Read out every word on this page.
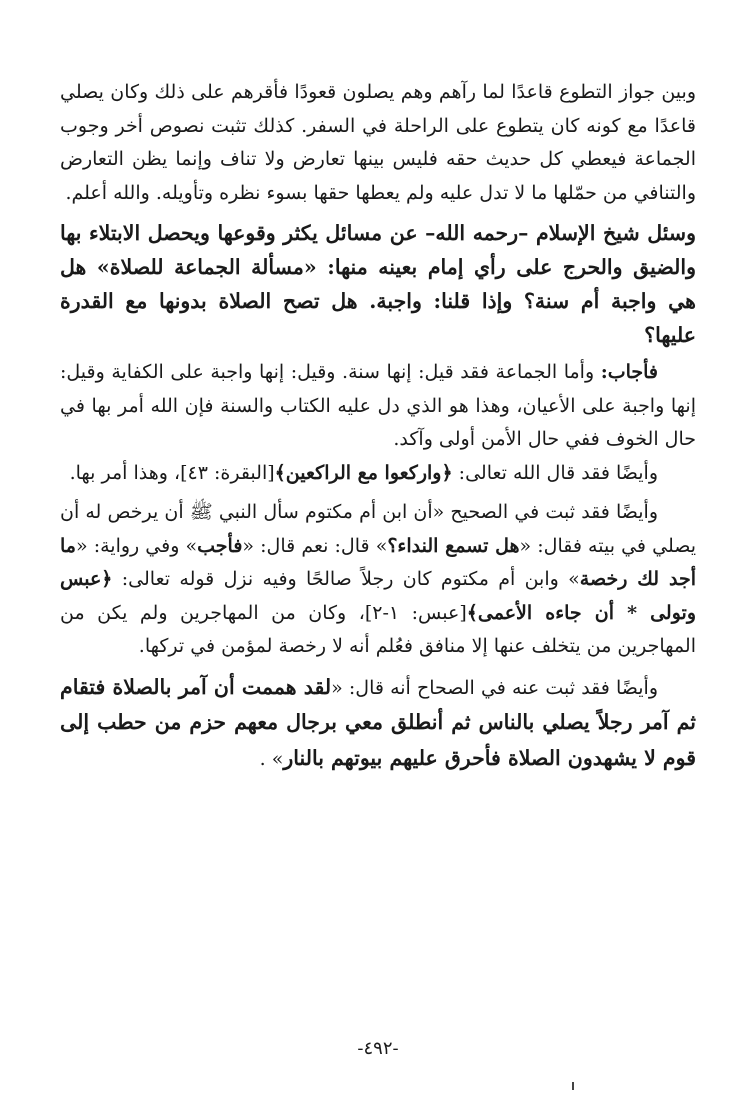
وبين جواز التطوع قاعدًا لما رآهم وهم يصلون قعودًا فأقرهم على ذلك وكان يصلي قاعدًا مع كونه كان يتطوع على الراحلة في السفر. كذلك تثبت نصوص أخر وجوب الجماعة فيعطي كل حديث حقه فليس بينها تعارض ولا تناف وإنما يظن التعارض والتنافي من حمّلها ما لا تدل عليه ولم يعطها حقها بسوء نظره وتأويله. والله أعلم.

وسئل شيخ الإسلام –رحمه الله– عن مسائل يكثر وقوعها ويحصل الابتلاء بها والضيق والحرج على رأي إمام بعينه منها: «مسألة الجماعة للصلاة» هل هي واجبة أم سنة؟ وإذا قلنا: واجبة. هل تصح الصلاة بدونها مع القدرة عليها؟

فأجاب: وأما الجماعة فقد قيل: إنها سنة. وقيل: إنها واجبة على الكفاية وقيل: إنها واجبة على الأعيان، وهذا هو الذي دل عليه الكتاب والسنة فإن الله أمر بها في حال الخوف ففي حال الأمن أولى وآكد.

وأيضًا فقد قال الله تعالى: ﴿واركعوا مع الراكعين﴾[البقرة: ٤٣]، وهذا أمر بها.

وأيضًا فقد ثبت في الصحيح «أن ابن أم مكتوم سأل النبي ﷺ أن يرخص له أن يصلي في بيته فقال: «هل تسمع النداء؟» قال: نعم قال: «فأجب» وفي رواية: «ما أجد لك رخصة» وابن أم مكتوم كان رجلاً صالحًا وفيه نزل قوله تعالى: ﴿عبس وتولى * أن جاءه الأعمى﴾[عبس: ١-٢]، وكان من المهاجرين ولم يكن من المهاجرين من يتخلف عنها إلا منافق فعُلم أنه لا رخصة لمؤمن في تركها.

وأيضًا فقد ثبت عنه في الصحاح أنه قال: «لقد هممت أن آمر بالصلاة فتقام ثم آمر رجلاً يصلي بالناس ثم أنطلق معي برجال معهم حزم من حطب إلى قوم لا يشهدون الصلاة فأحرق عليهم بيوتهم بالنار» .

-٤٩٢-
